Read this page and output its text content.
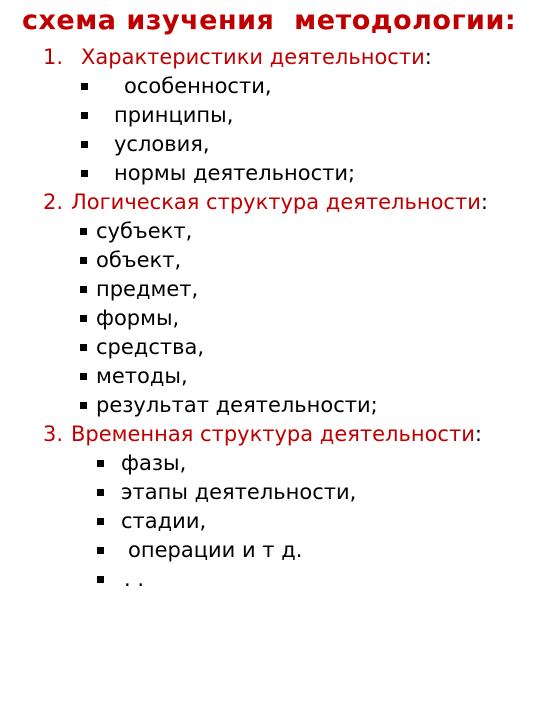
схема изучения  методологии:

1.

Характеристики деятельности:

особенности,

принципы,

условия,

нормы деятельности;

2.

Логическая структура деятельности:

субъект,

объект,

предмет,

формы,

средства,

методы,

результат деятельности;

3.

Временная структура деятельности:

фазы,

этапы деятельности,

стадии,

операции и т д.

. .
